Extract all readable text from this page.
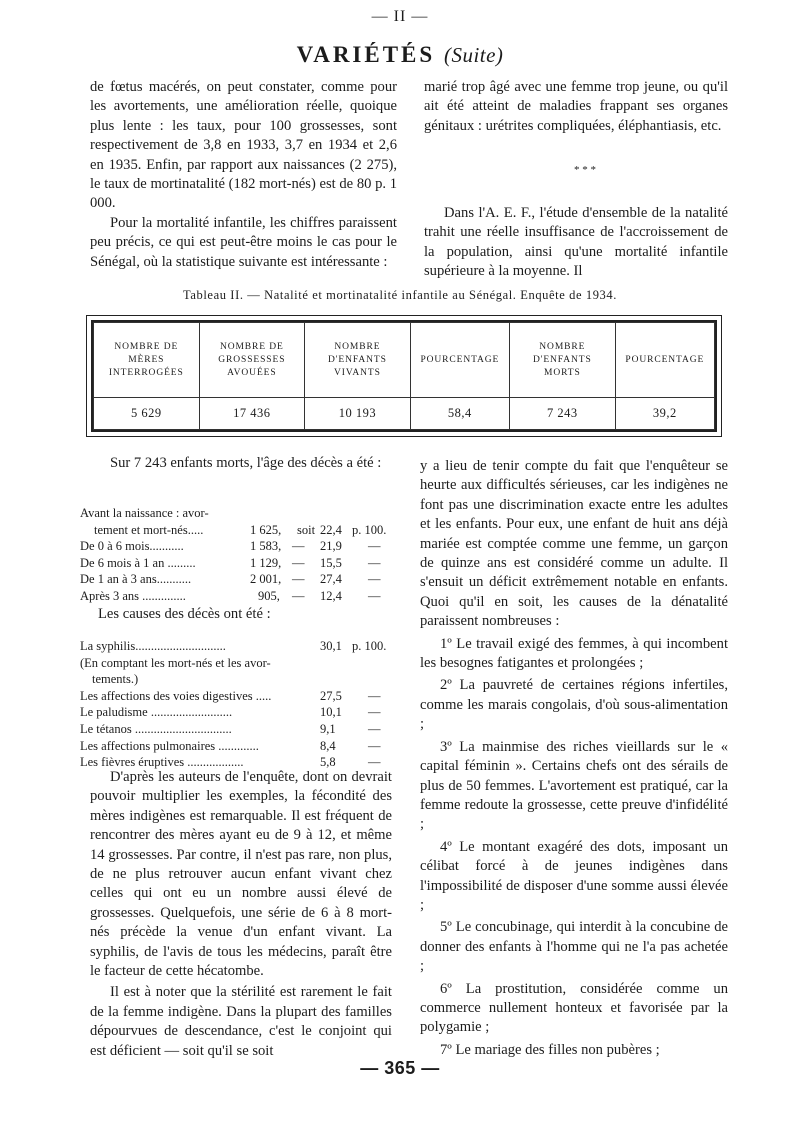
— II —
VARIÉTÉS (Suite)

de fœtus macérés, on peut constater, comme pour les avortements, une amélioration réelle, quoique plus lente : les taux, pour 100 grossesses, sont respectivement de 3,8 en 1933, 3,7 en 1934 et 2,6 en 1935. Enfin, par rapport aux naissances (2 275), le taux de mortinatalité (182 mort-nés) est de 80 p. 1 000.

Pour la mortalité infantile, les chiffres paraissent peu précis, ce qui est peut-être moins le cas pour le Sénégal, où la statistique suivante est intéressante :

marié trop âgé avec une femme trop jeune, ou qu'il ait été atteint de maladies frappant ses organes génitaux : urétrites compliquées, éléphantiasis, etc.

* * *

Dans l'A. E. F., l'étude d'ensemble de la natalité trahit une réelle insuffisance de l'accroissement de la population, ainsi qu'une mortalité infantile supérieure à la moyenne. Il

Tableau II. — Natalité et mortinatalité infantile au Sénégal. Enquête de 1934.
NOMBRE DE MÈRES INTERROGÉES	NOMBRE DE GROSSESSES AVOUÉES	NOMBRE D'ENFANTS VIVANTS	POURCENTAGE	NOMBRE D'ENFANTS MORTS	POURCENTAGE
5 629	17 436	10 193	58,4	7 243	39,2

Sur 7 243 enfants morts, l'âge des décès a été :

Avant la naissance : avor-
tement et mort-nés.....	1 625, soit 22,4 p. 100.
De 0 à 6 mois...........	1 583, — 21,9 —
De 6 mois à 1 an .........	1 129, — 15,5 —
De 1 an à 3 ans...........	2 001, — 27,4 —
Après 3 ans ..............	905, — 12,4 —

Les causes des décès ont été :

La syphilis.............................	30,1 p. 100.
(En comptant les mort-nés et les avor-
tements.)
Les affections des voies digestives .....	27,5 —
Le paludisme ..........................	10,1 —
Le tétanos ...............................	9,1	—
Les affections pulmonaires .............	8,4	—
Les fièvres éruptives ..................	5,8	—

D'après les auteurs de l'enquête, dont on devrait pouvoir multiplier les exemples, la fécondité des mères indigènes est remarquable. Il est fréquent de rencontrer des mères ayant eu de 9 à 12, et même 14 grossesses. Par contre, il n'est pas rare, non plus, de ne plus retrouver aucun enfant vivant chez celles qui ont eu un nombre aussi élevé de grossesses. Quelquefois, une série de 6 à 8 mort-nés précède la venue d'un enfant vivant. La syphilis, de l'avis de tous les médecins, paraît être le facteur de cette hécatombe.

Il est à noter que la stérilité est rarement le fait de la femme indigène. Dans la plupart des familles dépourvues de descendance, c'est le conjoint qui est déficient — soit qu'il se soit

y a lieu de tenir compte du fait que l'enquêteur se heurte aux difficultés sérieuses, car les indigènes ne font pas une discrimination exacte entre les adultes et les enfants. Pour eux, une enfant de huit ans déjà mariée est comptée comme une femme, un garçon de quinze ans est considéré comme un adulte. Il s'ensuit un déficit extrêmement notable en enfants. Quoi qu'il en soit, les causes de la dénatalité paraissent nombreuses :

1º Le travail exigé des femmes, à qui incombent les besognes fatigantes et prolongées ;

2º La pauvreté de certaines régions infertiles, comme les marais congolais, d'où sous-alimentation ;

3º La mainmise des riches vieillards sur le « capital féminin ». Certains chefs ont des sérails de plus de 50 femmes. L'avortement est pratiqué, car la femme redoute la grossesse, cette preuve d'infidélité ;

4º Le montant exagéré des dots, imposant un célibat forcé à de jeunes indigènes dans l'impossibilité de disposer d'une somme aussi élevée ;

5º Le concubinage, qui interdit à la concubine de donner des enfants à l'homme qui ne l'a pas achetée ;

6º La prostitution, considérée comme un commerce nullement honteux et favorisée par la polygamie ;

7º Le mariage des filles non pubères ;

— 365 —
